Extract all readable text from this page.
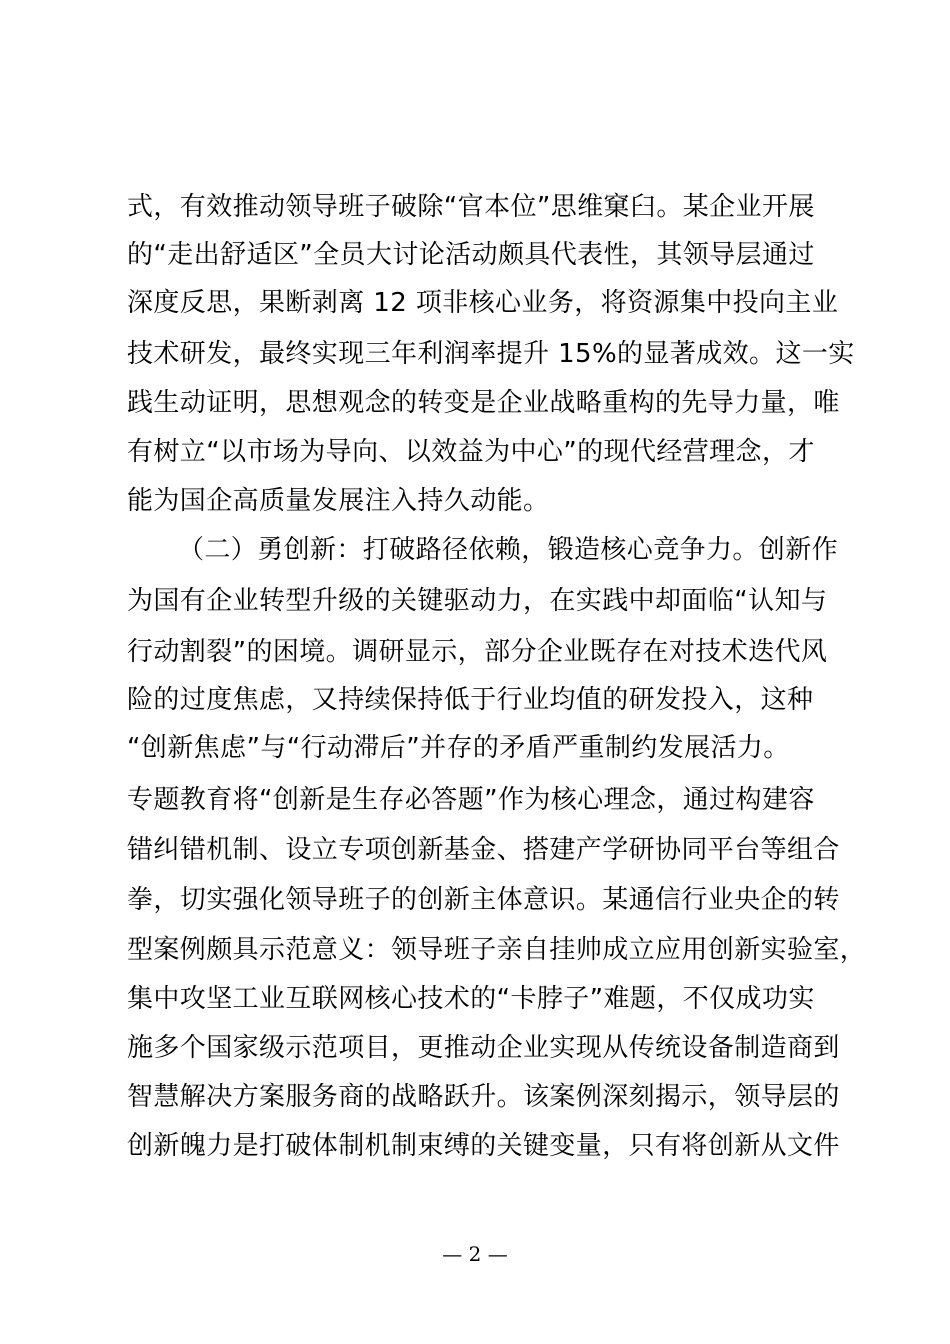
式，有效推动领导班子破除“官本位”思维窠臼。某企业开展
的“走出舒适区”全员大讨论活动颇具代表性，其领导层通过
深度反思，果断剥离 12 项非核心业务，将资源集中投向主业
技术研发，最终实现三年利润率提升 15%的显著成效。这一实
践生动证明，思想观念的转变是企业战略重构的先导力量，唯
有树立“以市场为导向、以效益为中心”的现代经营理念，才
能为国企高质量发展注入持久动能。
（二）勇创新：打破路径依赖，锻造核心竞争力。创新作
为国有企业转型升级的关键驱动力，在实践中却面临“认知与
行动割裂”的困境。调研显示，部分企业既存在对技术迭代风
险的过度焦虑，又持续保持低于行业均值的研发投入，这种
“创新焦虑”与“行动滞后”并存的矛盾严重制约发展活力。
专题教育将“创新是生存必答题”作为核心理念，通过构建容
错纠错机制、设立专项创新基金、搭建产学研协同平台等组合
拳，切实强化领导班子的创新主体意识。某通信行业央企的转
型案例颇具示范意义：领导班子亲自挂帅成立应用创新实验室，
集中攻坚工业互联网核心技术的“卡脖子”难题，不仅成功实
施多个国家级示范项目，更推动企业实现从传统设备制造商到
智慧解决方案服务商的战略跃升。该案例深刻揭示，领导层的
创新魄力是打破体制机制束缚的关键变量，只有将创新从文件
— 2 —
